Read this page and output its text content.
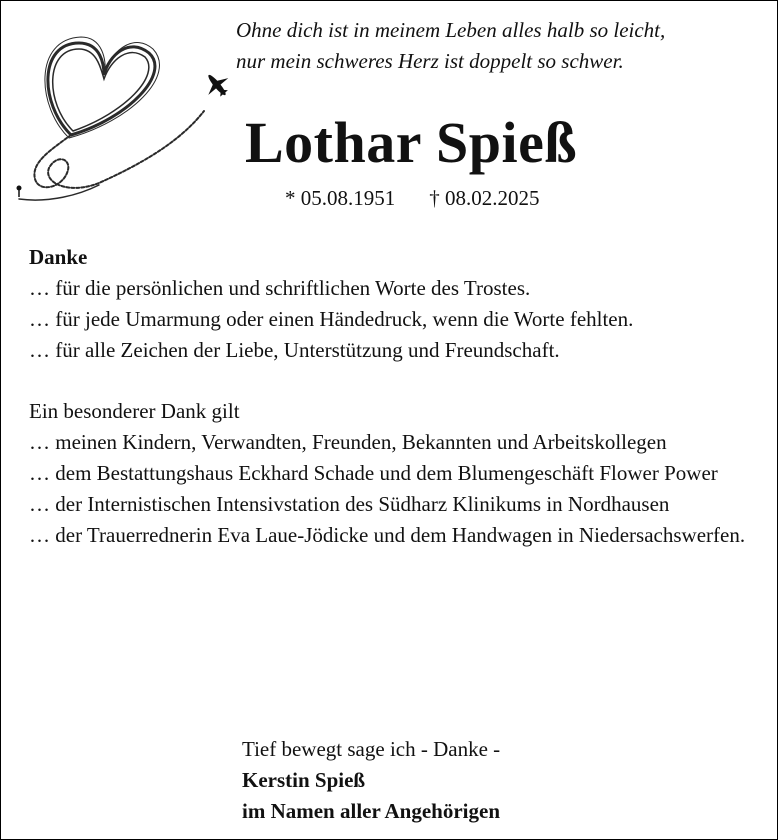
Ohne dich ist in meinem Leben alles halb so leicht,
nur mein schweres Herz ist doppelt so schwer.
Lothar Spieß
* 05.08.1951 † 08.02.2025
Danke
… für die persönlichen und schriftlichen Worte des Trostes.
… für jede Umarmung oder einen Händedruck, wenn die Worte fehlten.
… für alle Zeichen der Liebe, Unterstützung und Freundschaft.
Ein besonderer Dank gilt
… meinen Kindern, Verwandten, Freunden, Bekannten und Arbeitskollegen
… dem Bestattungshaus Eckhard Schade und dem Blumengeschäft Flower Power
… der Internistischen Intensivstation des Südharz Klinikums in Nordhausen
… der Trauerrednerin Eva Laue-Jödicke und dem Handwagen in Niedersachswerfen.
Tief bewegt sage ich - Danke -
Kerstin Spieß
im Namen aller Angehörigen
